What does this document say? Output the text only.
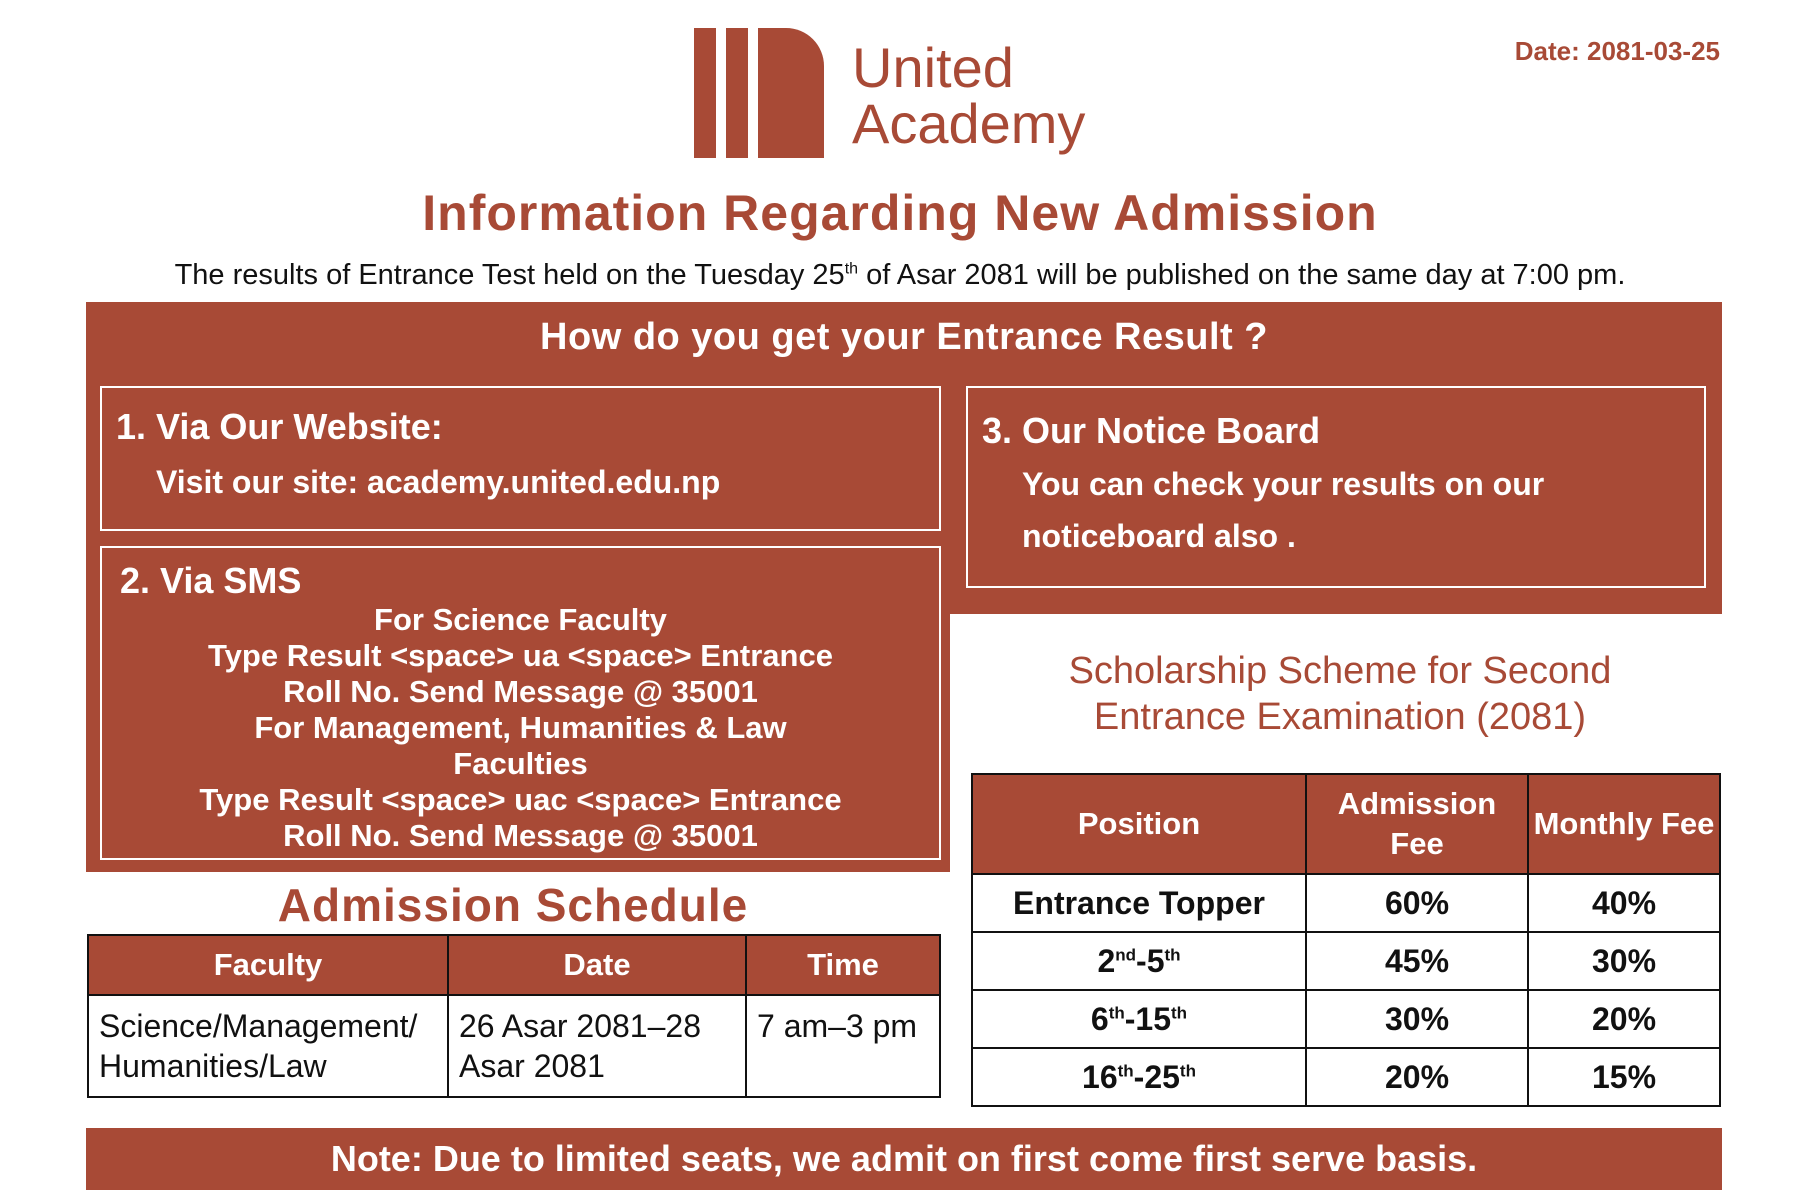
United
Academy
Date: 2081-03-25
Information Regarding New Admission
The results of Entrance Test held on the Tuesday 25th of Asar 2081 will be published on the same day at 7:00 pm.
How do you get your Entrance Result ?
1. Via Our Website:
Visit our site: academy.united.edu.np
2. Via SMS
For Science Faculty
Type Result <space> ua <space> Entrance
Roll No. Send Message @ 35001
For Management, Humanities & Law
Faculties
Type Result <space> uac <space> Entrance
Roll No. Send Message @ 35001
3. Our Notice Board
You can check your results on our
noticeboard also .
Admission Schedule
Faculty	Date	Time
Science/Management/ Humanities/Law	26 Asar 2081–28 Asar 2081	7 am–3 pm
Scholarship Scheme for Second
Entrance Examination (2081)
Position	Admission Fee	Monthly Fee
Entrance Topper	60%	40%
2nd-5th	45%	30%
6th-15th	30%	20%
16th-25th	20%	15%
Note: Due to limited seats, we admit on first come first serve basis.
